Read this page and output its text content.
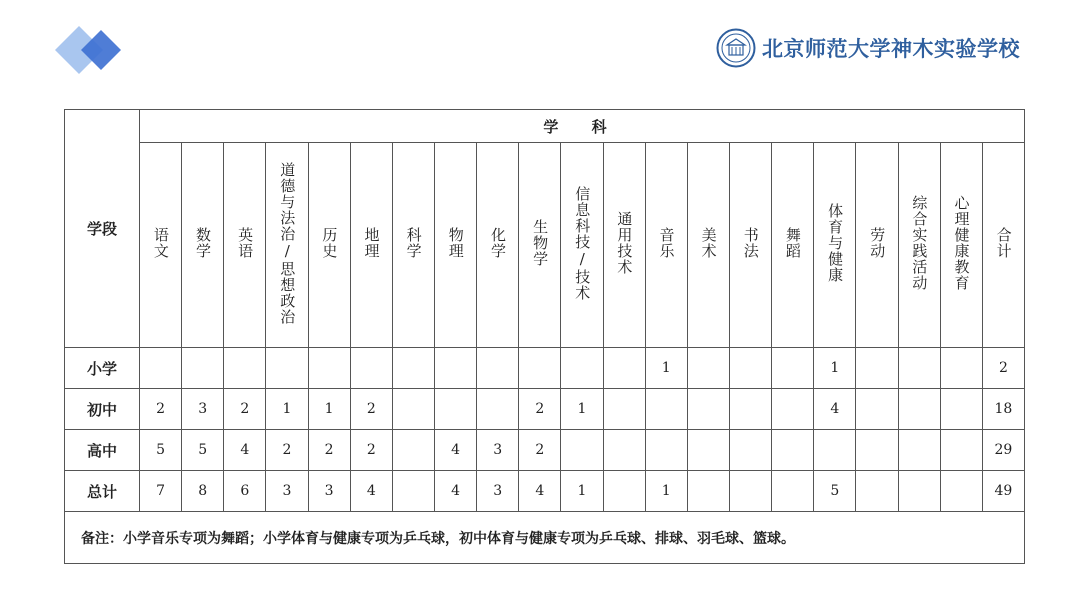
北京师范大学神木实验学校
学段	学 科																				
	语文	数学	英语	道德与法治/思想政治	历史	地理	科学	物理	化学	生物学	信息科技/技术	通用技术	音乐	美术	书法	舞蹈	体育与健康	劳动	综合实践活动	心理健康教育	合计
小学													1				1				2
初中	2	3	2	1	1	2				2	1						4				18
高中	5	5	4	2	2	2		4	3	2											29
总计	7	8	6	3	3	4		4	3	4	1		1				5				49
备注：小学音乐专项为舞蹈；小学体育与健康专项为乒乓球，初中体育与健康专项为乒乓球、排球、羽毛球、篮球。																					
